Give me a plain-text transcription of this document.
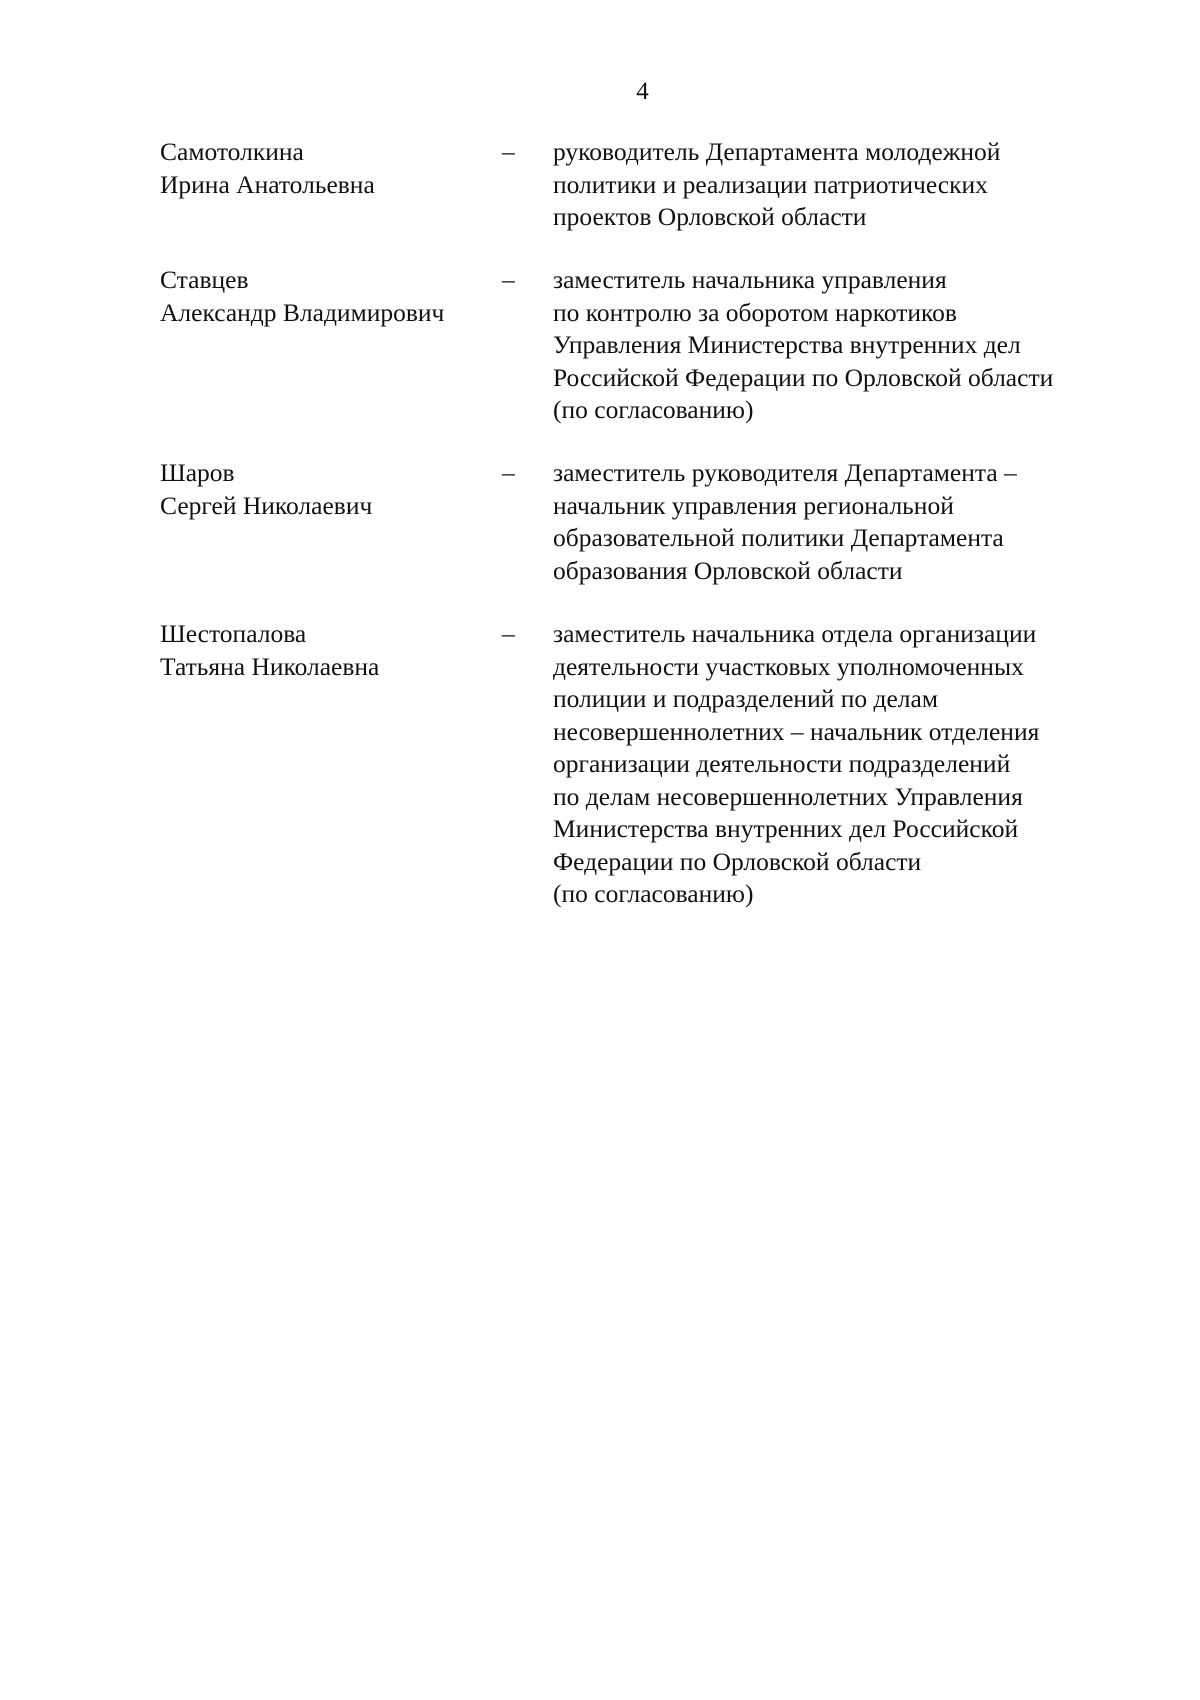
4
Самотолкина
Ирина Анатольевна
– руководитель Департамента молодежной
политики и реализации патриотических
проектов Орловской области
Ставцев
Александр Владимирович
– заместитель начальника управления
по контролю за оборотом наркотиков
Управления Министерства внутренних дел
Российской Федерации по Орловской области
(по согласованию)
Шаров
Сергей Николаевич
– заместитель руководителя Департамента –
начальник управления региональной
образовательной политики Департамента
образования Орловской области
Шестопалова
Татьяна Николаевна
– заместитель начальника отдела организации
деятельности участковых уполномоченных
полиции и подразделений по делам
несовершеннолетних – начальник отделения
организации деятельности подразделений
по делам несовершеннолетних Управления
Министерства внутренних дел Российской
Федерации по Орловской области
(по согласованию)
